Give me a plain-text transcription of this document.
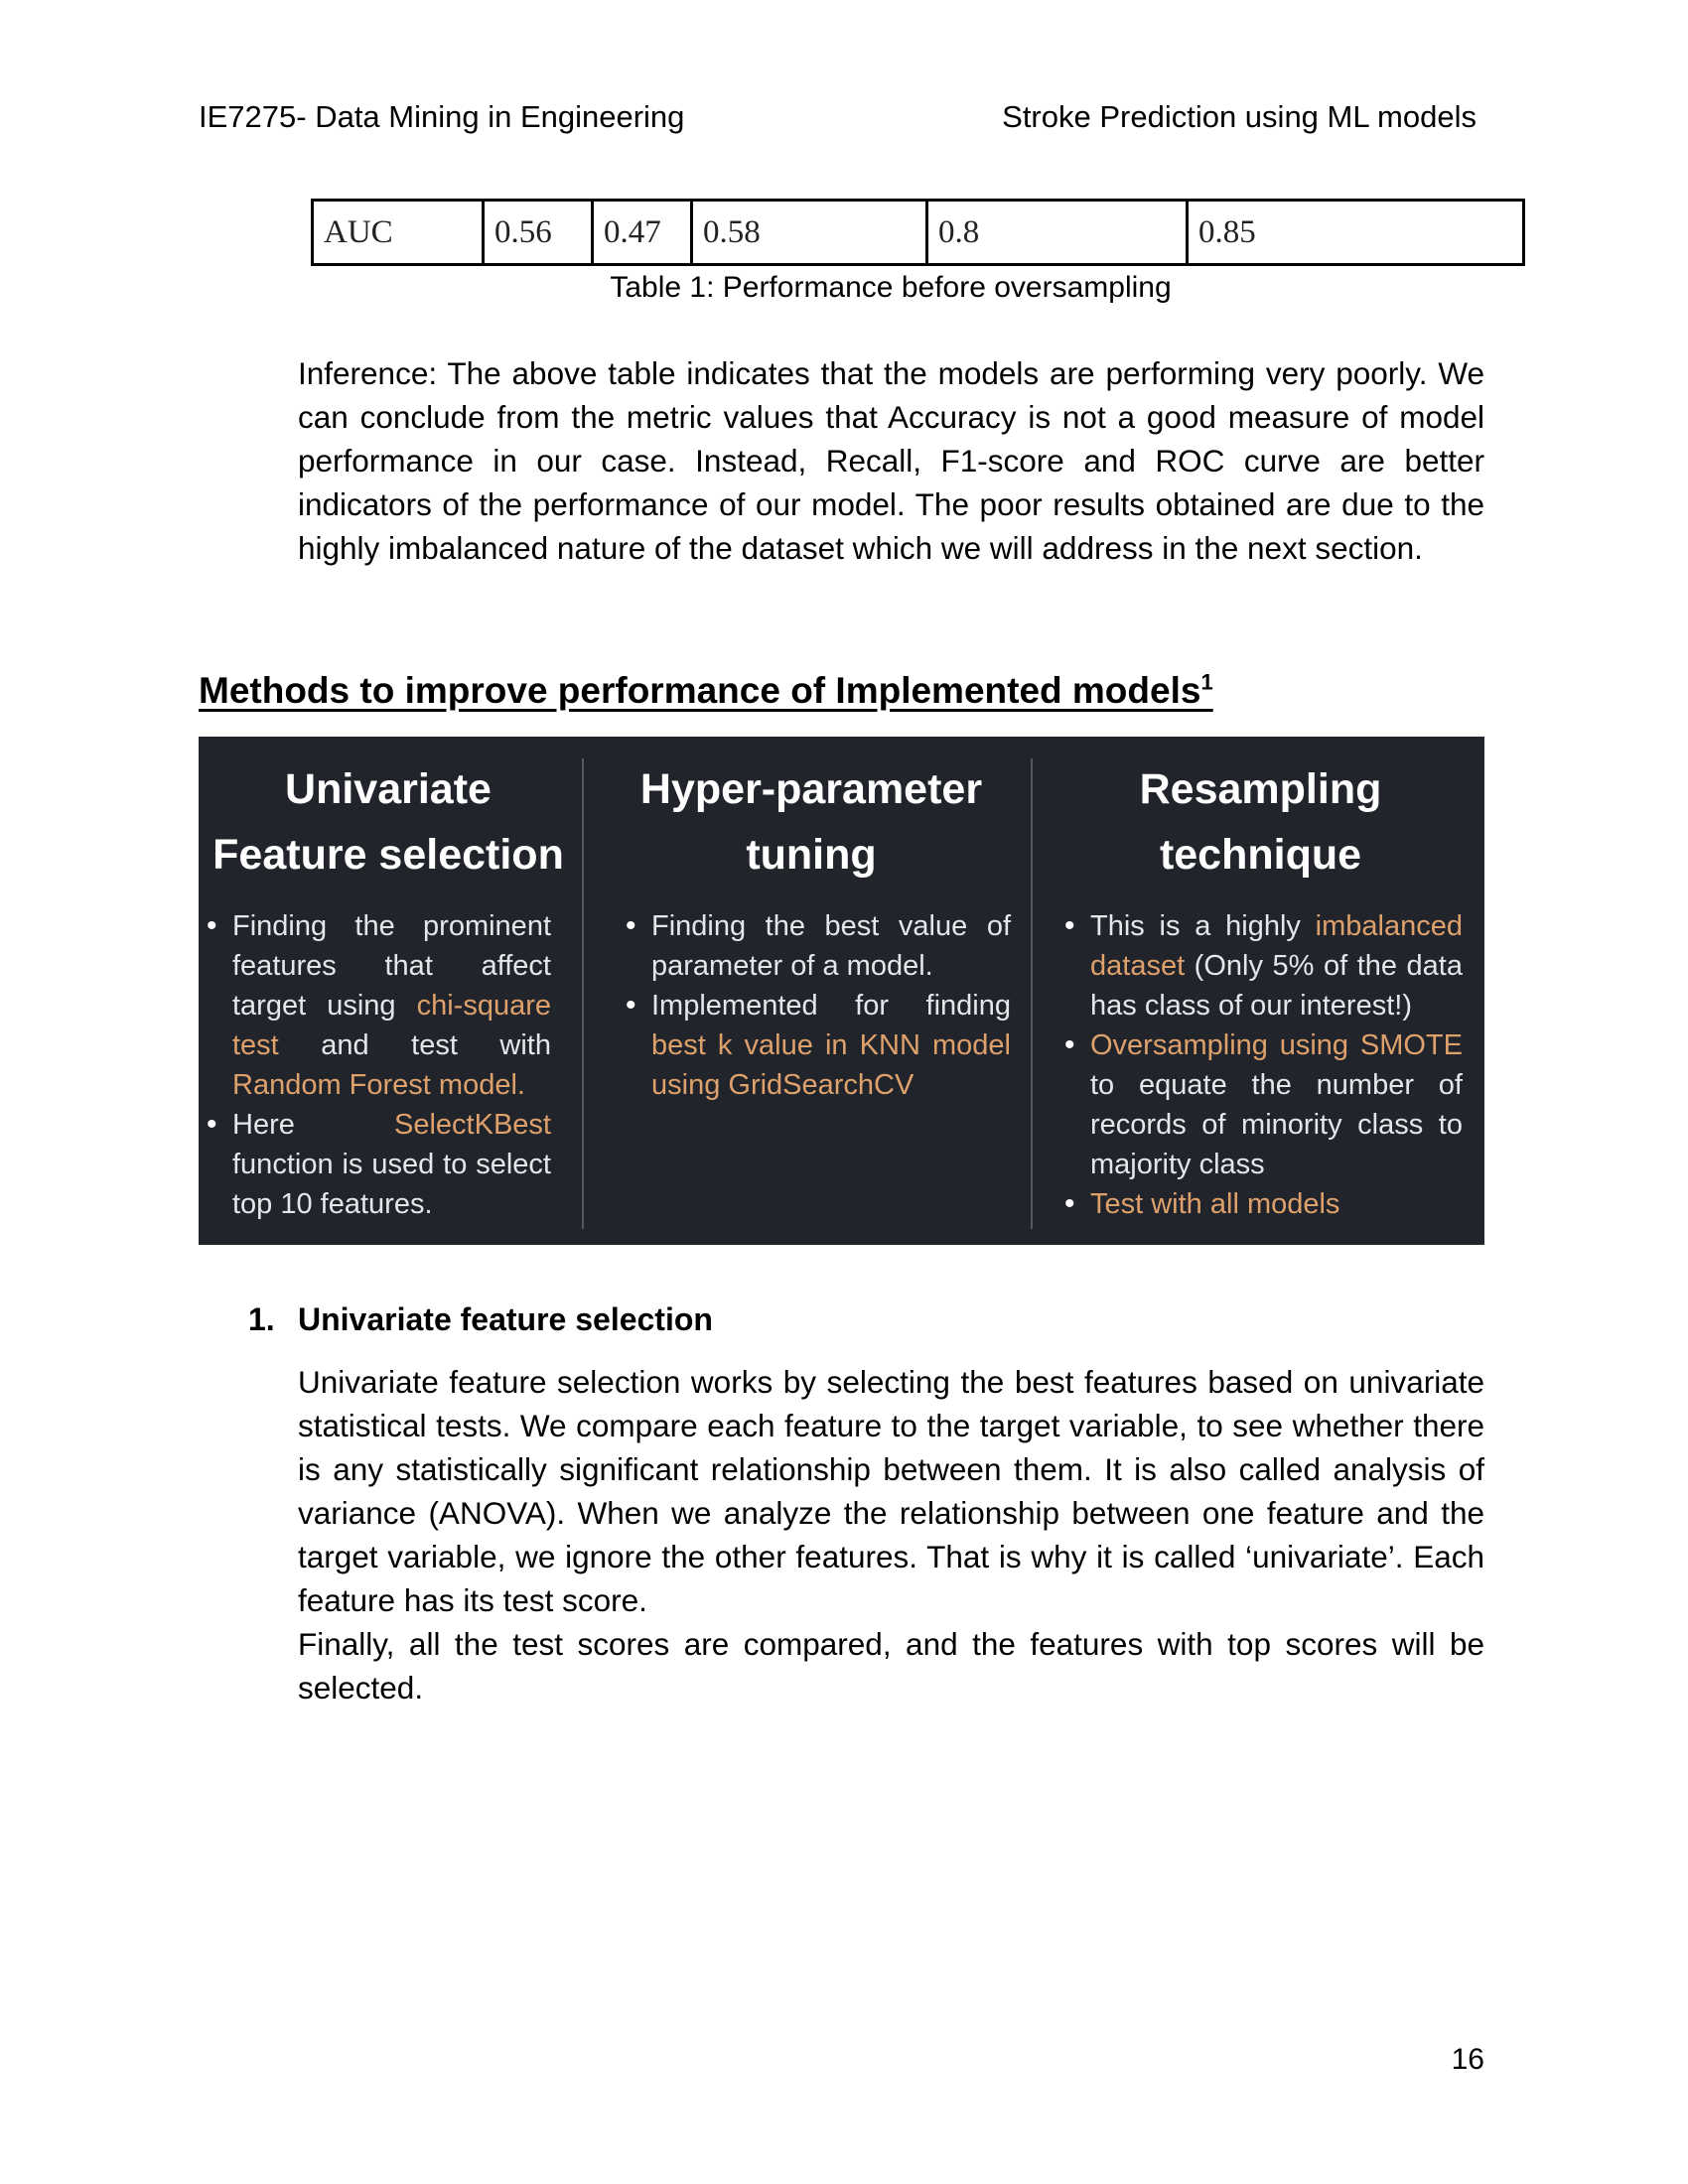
IE7275- Data Mining in Engineering	Stroke Prediction using ML models
AUC	0.56	0.47	0.58	0.8	0.85
Table 1: Performance before oversampling
Inference: The above table indicates that the models are performing very poorly. We can conclude from the metric values that Accuracy is not a good measure of model performance in our case. Instead, Recall, F1-score and ROC curve are better indicators of the performance of our model. The poor results obtained are due to the highly imbalanced nature of the dataset which we will address in the next section.
Methods to improve performance of Implemented models$^1$
Univariate
Feature selection
• Finding the prominent features that affect target using chi-square test and test with Random Forest model.
• Here SelectKBest function is used to select top 10 features.
Hyper-parameter
tuning
• Finding the best value of parameter of a model.
• Implemented for finding best k value in KNN model using GridSearchCV
Resampling
technique
• This is a highly imbalanced dataset (Only 5% of the data has class of our interest!)
• Oversampling using SMOTE to equate the number of records of minority class to majority class
• Test with all models
1. Univariate feature selection
Univariate feature selection works by selecting the best features based on univariate statistical tests. We compare each feature to the target variable, to see whether there is any statistically significant relationship between them. It is also called analysis of variance (ANOVA). When we analyze the relationship between one feature and the target variable, we ignore the other features. That is why it is called ‘univariate’. Each feature has its test score.
Finally, all the test scores are compared, and the features with top scores will be selected.
16
